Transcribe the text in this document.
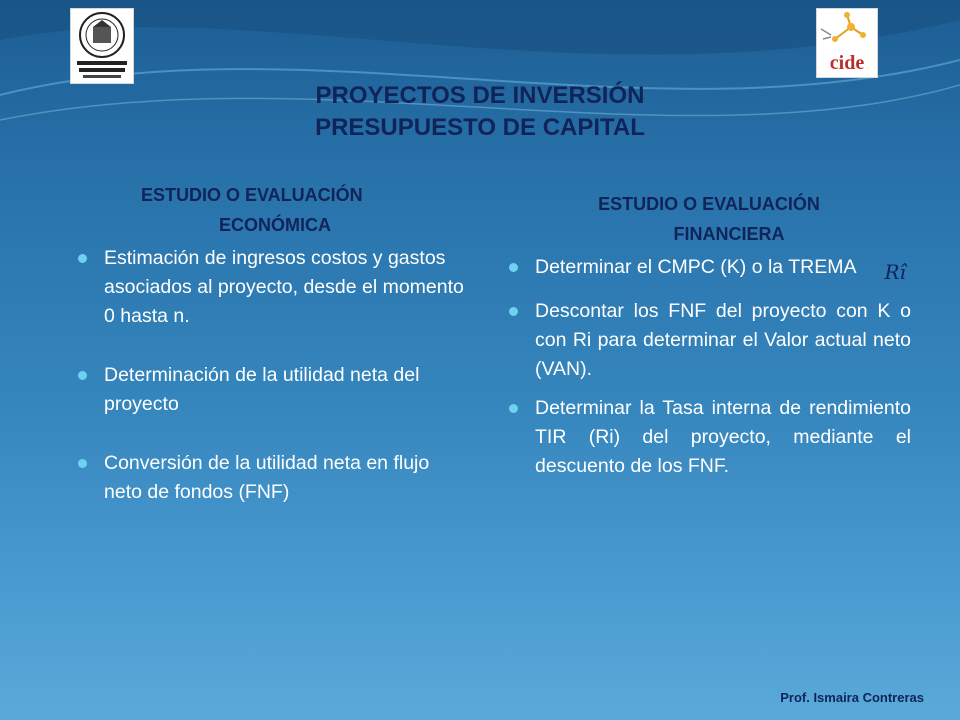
cide
PROYECTOS DE INVERSIÓN
PRESUPUESTO DE CAPITAL
ESTUDIO O EVALUACIÓN
ECONÓMICA
Estimación de ingresos costos y gastos asociados al proyecto, desde el momento 0 hasta n.
Determinación de la utilidad neta del proyecto
Conversión de la utilidad neta en flujo neto de fondos (FNF)
ESTUDIO O EVALUACIÓN
FINANCIERA
Determinar el CMPC (K) o la TREMA Rî
Descontar los FNF del proyecto con K o con Ri para determinar el Valor actual neto (VAN).
Determinar la Tasa interna de rendimiento TIR (Ri) del proyecto, mediante el descuento de los FNF.
Prof. Ismaira Contreras
